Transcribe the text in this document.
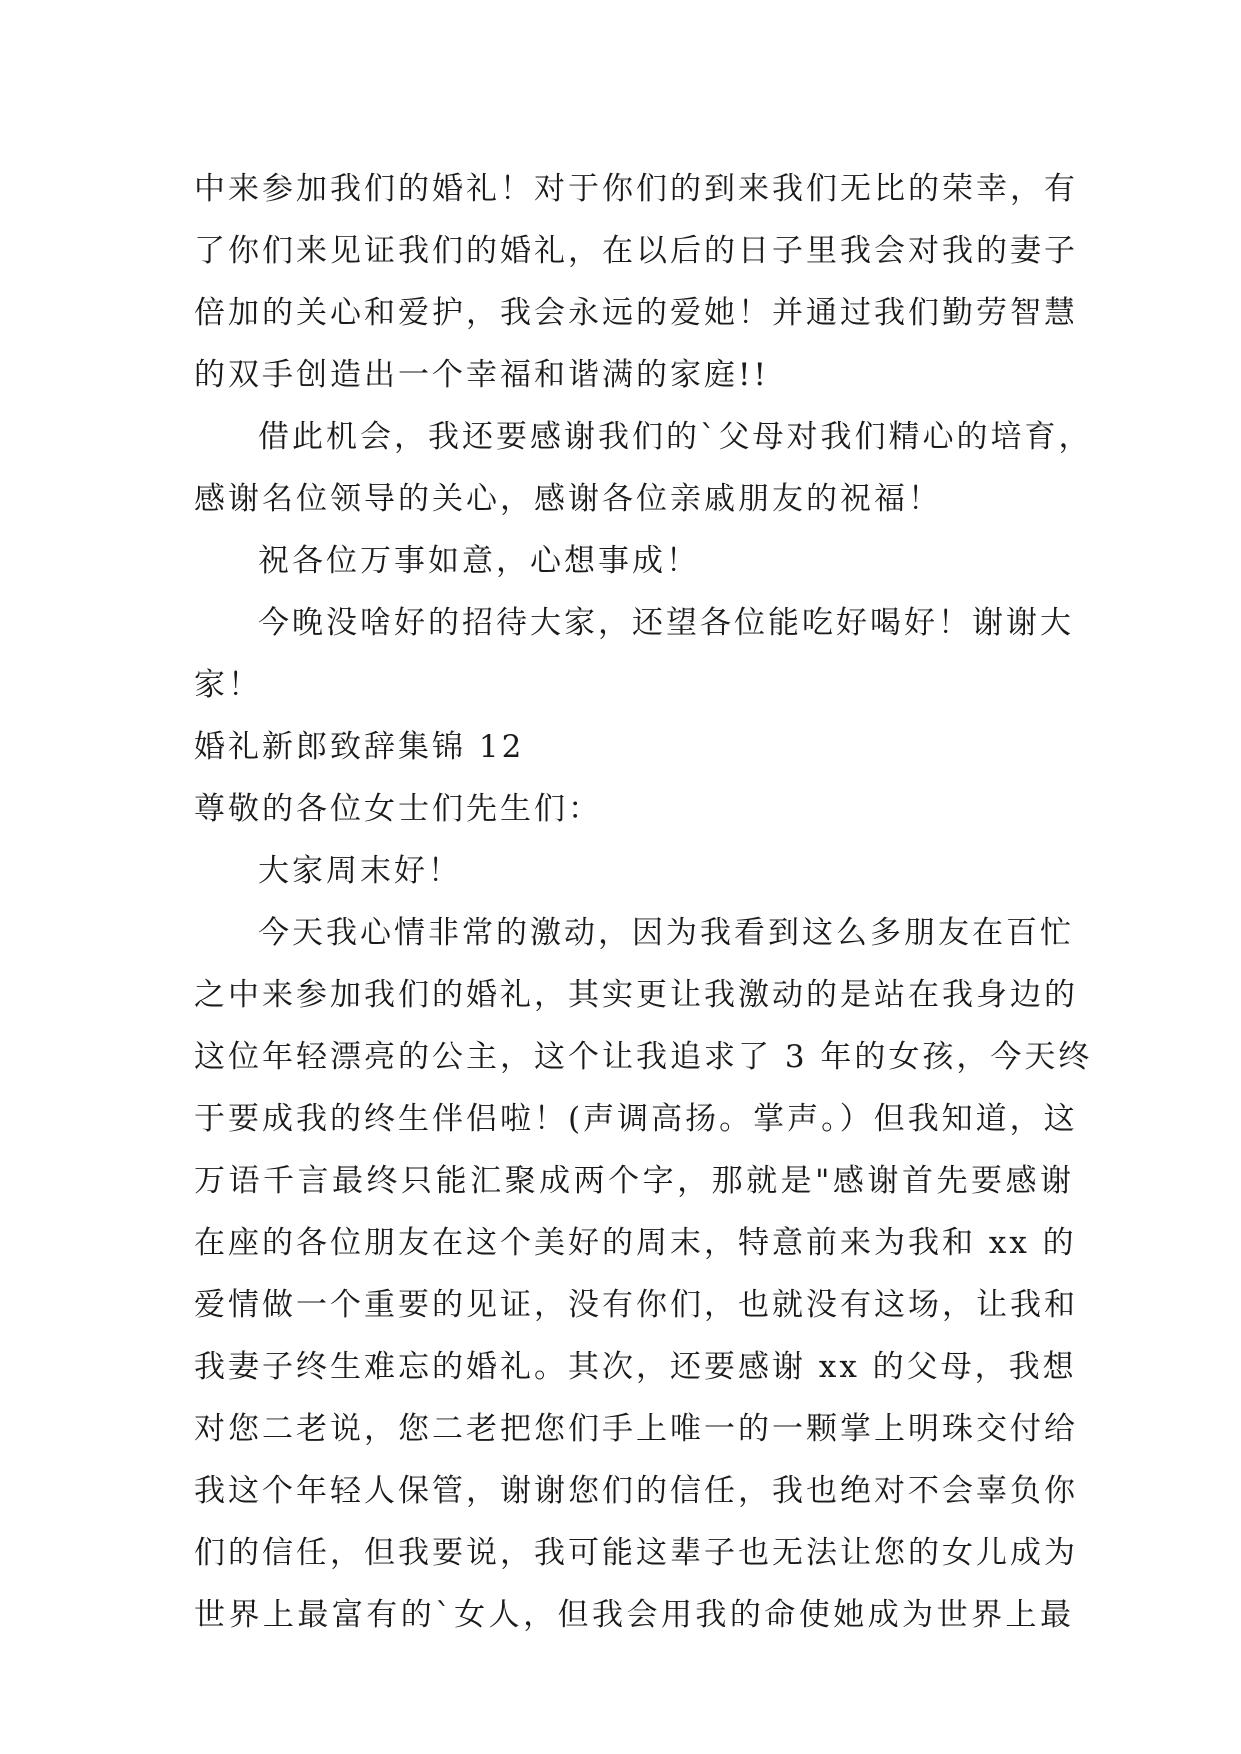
中来参加我们的婚礼！对于你们的到来我们无比的荣幸，有
了你们来见证我们的婚礼，在以后的日子里我会对我的妻子
倍加的关心和爱护，我会永远的爱她！并通过我们勤劳智慧
的双手创造出一个幸福和谐满的家庭!!
借此机会，我还要感谢我们的`父母对我们精心的培育，
感谢名位领导的关心，感谢各位亲戚朋友的祝福！
祝各位万事如意，心想事成！
今晚没啥好的招待大家，还望各位能吃好喝好！谢谢大
家！
婚礼新郎致辞集锦 12
尊敬的各位女士们先生们：
大家周末好！
今天我心情非常的激动，因为我看到这么多朋友在百忙
之中来参加我们的婚礼，其实更让我激动的是站在我身边的
这位年轻漂亮的公主，这个让我追求了 3 年的女孩，今天终
于要成我的终生伴侣啦！(声调高扬。掌声。）但我知道，这
万语千言最终只能汇聚成两个字，那就是"感谢首先要感谢
在座的各位朋友在这个美好的周末，特意前来为我和 xx 的
爱情做一个重要的见证，没有你们，也就没有这场，让我和
我妻子终生难忘的婚礼。其次，还要感谢 xx 的父母，我想
对您二老说，您二老把您们手上唯一的一颗掌上明珠交付给
我这个年轻人保管，谢谢您们的信任，我也绝对不会辜负你
们的信任，但我要说，我可能这辈子也无法让您的女儿成为
世界上最富有的`女人，但我会用我的命使她成为世界上最
